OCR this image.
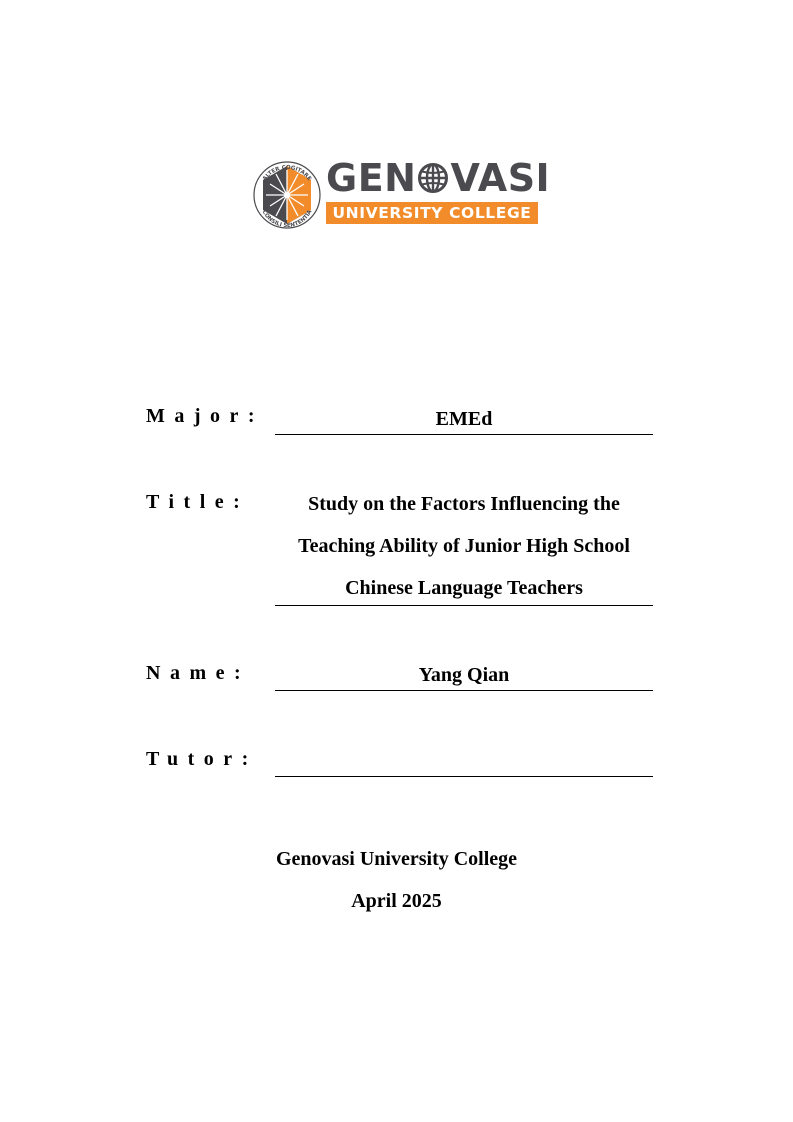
ALTER COGITARE
CONSILI SENTENTIA
GEN VASI
UNIVERSITY COLLEGE
Major:	EMEd
Title:	Study on the Factors Influencing the
Teaching Ability of Junior High School
Chinese Language Teachers
Name:	Yang Qian
Tutor:
Genovasi University College
April 2025
